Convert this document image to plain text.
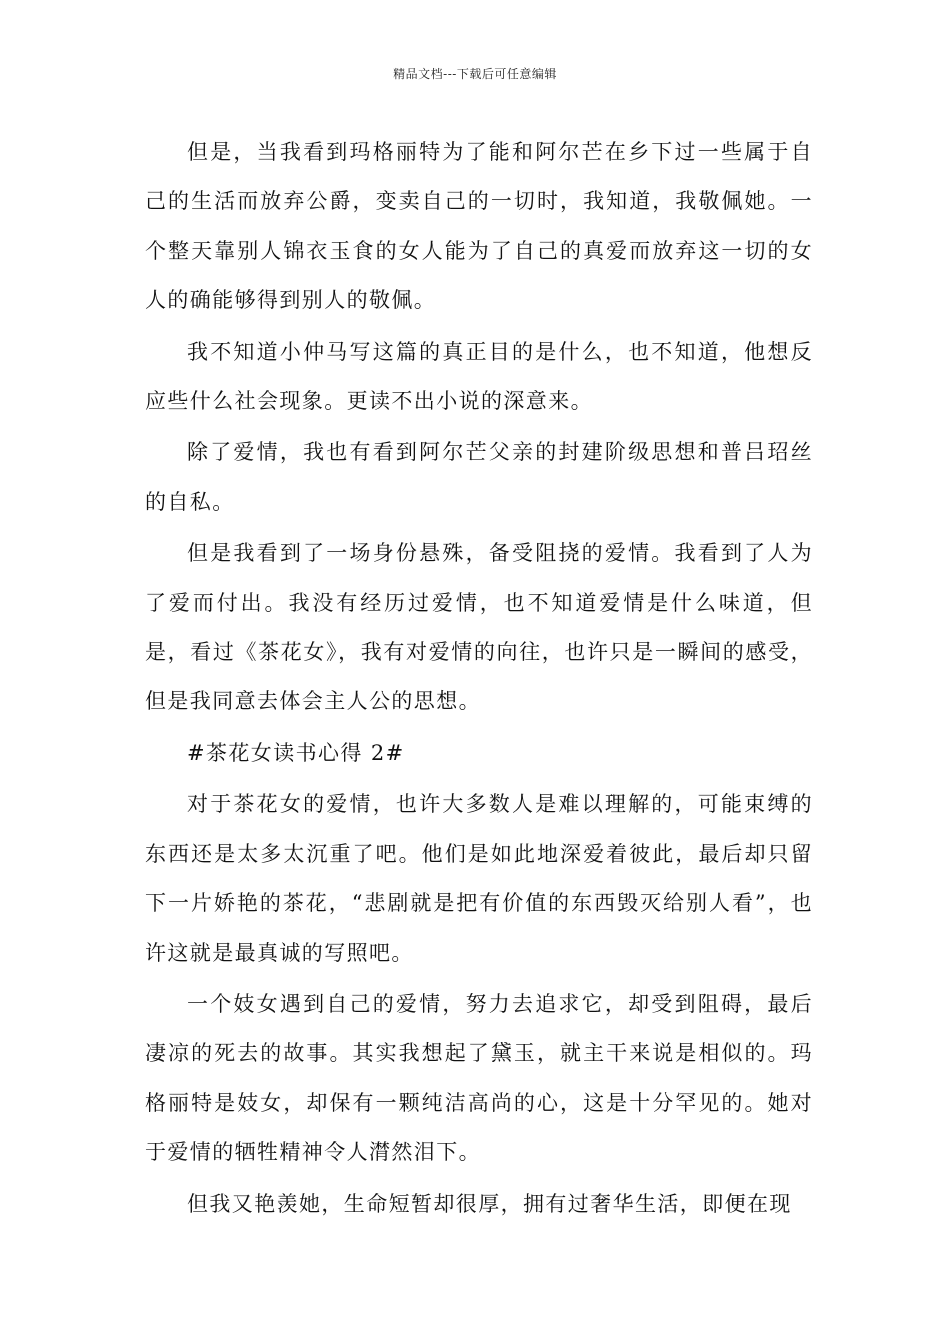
精品文档---下载后可任意编辑

但是，当我看到玛格丽特为了能和阿尔芒在乡下过一些属于自己的生活而放弃公爵，变卖自己的一切时，我知道，我敬佩她。一个整天靠别人锦衣玉食的女人能为了自己的真爱而放弃这一切的女人的确能够得到别人的敬佩。

我不知道小仲马写这篇的真正目的是什么，也不知道，他想反应些什么社会现象。更读不出小说的深意来。

除了爱情，我也有看到阿尔芒父亲的封建阶级思想和普吕玿丝的自私。

但是我看到了一场身份悬殊，备受阻挠的爱情。我看到了人为了爱而付出。我没有经历过爱情，也不知道爱情是什么味道，但是，看过《茶花女》，我有对爱情的向往，也许只是一瞬间的感受，但是我同意去体会主人公的思想。

#茶花女读书心得 2#

对于茶花女的爱情，也许大多数人是难以理解的，可能束缚的东西还是太多太沉重了吧。他们是如此地深爱着彼此，最后却只留下一片娇艳的茶花，“悲剧就是把有价值的东西毁灭给别人看”，也许这就是最真诚的写照吧。

一个妓女遇到自己的爱情，努力去追求它，却受到阻碍，最后凄凉的死去的故事。其实我想起了黛玉，就主干来说是相似的。玛格丽特是妓女，却保有一颗纯洁高尚的心，这是十分罕见的。她对于爱情的牺牲精神令人潸然泪下。

但我又艳羡她，生命短暂却很厚，拥有过奢华生活，即便在现
